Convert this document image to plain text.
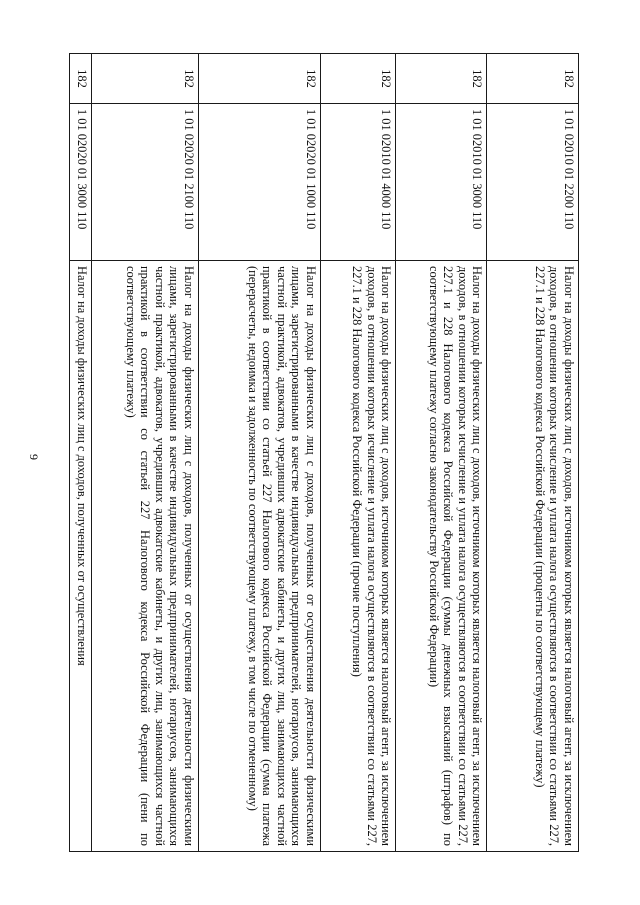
9
182	1 01 02010 01 2200 110	Налог на доходы физических лиц с доходов, источником которых является налоговый агент, за исключением доходов, в отношении которых исчисление и уплата налога осуществляются в соответствии со статьями 227, 227.1 и 228 Налогового кодекса Российской Федерации (проценты по соответствующему платежу)

182	1 01 02010 01 3000 110	Налог на доходы физических лиц с доходов, источником которых является налоговый агент, за исключением доходов, в отношении которых исчисление и уплата налога осуществляются в соответствии со статьями 227, 227.1 и 228 Налогового кодекса Российской Федерации (суммы денежных взысканий (штрафов) по соответствующему платежу согласно законодательству Российской Федерации)

182	1 01 02010 01 4000 110	Налог на доходы физических лиц с доходов, источником которых является налоговый агент, за исключением доходов, в отношении которых исчисление и уплата налога осуществляются в соответствии со статьями 227, 227.1 и 228 Налогового кодекса Российской Федерации (прочие поступления)

182	1 01 02020 01 1000 110	Налог на доходы физических лиц с доходов, полученных от осуществления деятельности физическими лицами, зарегистрированными в качестве индивидуальных предпринимателей, нотариусов, занимающихся частной практикой, адвокатов, учредивших адвокатские кабинеты, и других лиц, занимающихся частной практикой в соответствии со статьей 227 Налогового кодекса Российской Федерации (сумма платежа (перерасчеты, недоимка и задолженность по соответствующему платежу, в том числе по отмененному)

182	1 01 02020 01 2100 110	Налог на доходы физических лиц с доходов, полученных от осуществления деятельности физическими лицами, зарегистрированными в качестве индивидуальных предпринимателей, нотариусов, занимающихся частной практикой, адвокатов, учредивших адвокатские кабинеты, и других лиц, занимающихся частной практикой в соответствии со статьей 227 Налогового кодекса Российской Федерации (пени по соответствующему платежу)

182	1 01 02020 01 3000 110	Налог на доходы физических лиц с доходов, полученных от осуществления
